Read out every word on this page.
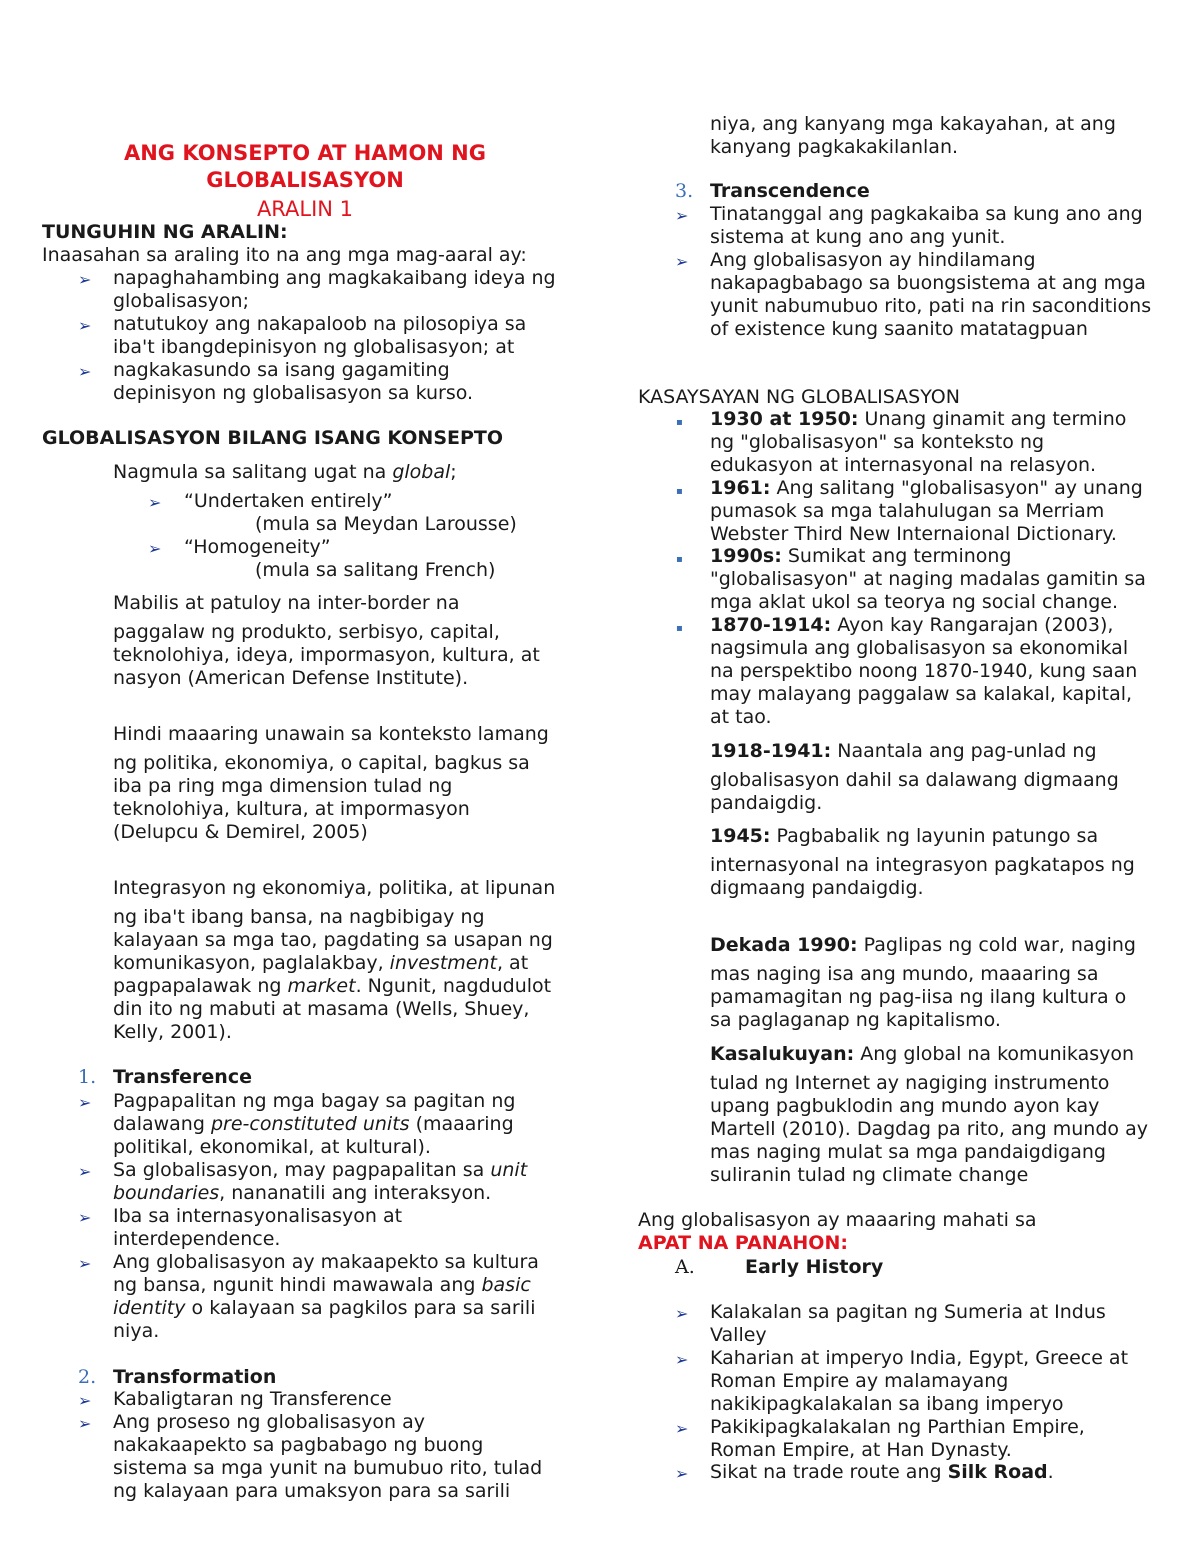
ANG KONSEPTO AT HAMON NG
GLOBALISASYON
ARALIN 1
TUNGUHIN NG ARALIN:
Inaasahan sa araling ito na ang mga mag-aaral ay:
➢ napaghahambing ang magkakaibang ideya ng

globalisasyon;

➢ natutukoy ang nakapaloob na pilosopiya sa

iba't ibangdepinisyon ng globalisasyon; at

➢ nagkakasundo sa isang gagamiting

depinisyon ng globalisasyon sa kurso.

GLOBALISASYON BILANG ISANG KONSEPTO
Nagmula sa salitang ugat na global;
➢ “Undertaken entirely”
(mula sa Meydan Larousse)
➢ “Homogeneity”
(mula sa salitang French)
Mabilis at patuloy na inter-border na

paggalaw ng produkto, serbisyo, capital,

teknolohiya, ideya, impormasyon, kultura, at

nasyon (American Defense Institute).

Hindi maaaring unawain sa konteksto lamang

ng politika, ekonomiya, o capital, bagkus sa

iba pa ring mga dimension tulad ng

teknolohiya, kultura, at impormasyon

(Delupcu & Demirel, 2005)

Integrasyon ng ekonomiya, politika, at lipunan

ng iba't ibang bansa, na nagbibigay ng

kalayaan sa mga tao, pagdating sa usapan ng

komunikasyon, paglalakbay, investment, at

pagpapalawak ng market. Ngunit, nagdudulot

din ito ng mabuti at masama (Wells, Shuey,

Kelly, 2001).

1. Transference
➢ Pagpapalitan ng mga bagay sa pagitan ng

dalawang pre-constituted units (maaaring

politikal, ekonomikal, at kultural).

➢ Sa globalisasyon, may pagpapalitan sa unit

boundaries, nananatili ang interaksyon.

➢ Iba sa internasyonalisasyon at

interdependence.

➢ Ang globalisasyon ay makaapekto sa kultura

ng bansa, ngunit hindi mawawala ang basic

identity o kalayaan sa pagkilos para sa sarili

niya.

2. Transformation
➢ Kabaligtaran ng Transference
➢ Ang proseso ng globalisasyon ay

nakakaapekto sa pagbabago ng buong

sistema sa mga yunit na bumubuo rito, tulad

ng kalayaan para umaksyon para sa sarili

niya, ang kanyang mga kakayahan, at ang

kanyang pagkakakilanlan.

3. Transcendence
➢ Tinatanggal ang pagkakaiba sa kung ano ang

sistema at kung ano ang yunit.

➢ Ang globalisasyon ay hindilamang

nakapagbabago sa buongsistema at ang mga

yunit nabumubuo rito, pati na rin saconditions

of existence kung saanito matatagpuan

KASAYSAYAN NG GLOBALISASYON
▪ 1930 at 1950: Unang ginamit ang termino

ng "globalisasyon" sa konteksto ng

edukasyon at internasyonal na relasyon.

▪ 1961: Ang salitang "globalisasyon" ay unang

pumasok sa mga talahulugan sa Merriam

Webster Third New Internaional Dictionary.

▪ 1990s: Sumikat ang terminong

"globalisasyon" at naging madalas gamitin sa

mga aklat ukol sa teorya ng social change.

▪ 1870-1914: Ayon kay Rangarajan (2003),

nagsimula ang globalisasyon sa ekonomikal

na perspektibo noong 1870-1940, kung saan

may malayang paggalaw sa kalakal, kapital,

at tao.

1918-1941: Naantala ang pag-unlad ng

globalisasyon dahil sa dalawang digmaang

pandaigdig.

1945: Pagbabalik ng layunin patungo sa

internasyonal na integrasyon pagkatapos ng

digmaang pandaigdig.

Dekada 1990: Paglipas ng cold war, naging

mas naging isa ang mundo, maaaring sa

pamamagitan ng pag-iisa ng ilang kultura o

sa paglaganap ng kapitalismo.

Kasalukuyan: Ang global na komunikasyon

tulad ng Internet ay nagiging instrumento

upang pagbuklodin ang mundo ayon kay

Martell (2010). Dagdag pa rito, ang mundo ay

mas naging mulat sa mga pandaigdigang

suliranin tulad ng climate change

Ang globalisasyon ay maaaring mahati sa
APAT NA PANAHON:
A.	Early History
➢ Kalakalan sa pagitan ng Sumeria at Indus

Valley

➢ Kaharian at imperyo India, Egypt, Greece at

Roman Empire ay malamayang

nakikipagkalakalan sa ibang imperyo

➢ Pakikipagkalakalan ng Parthian Empire,

Roman Empire, at Han Dynasty.

➢ Sikat na trade route ang Silk Road.
